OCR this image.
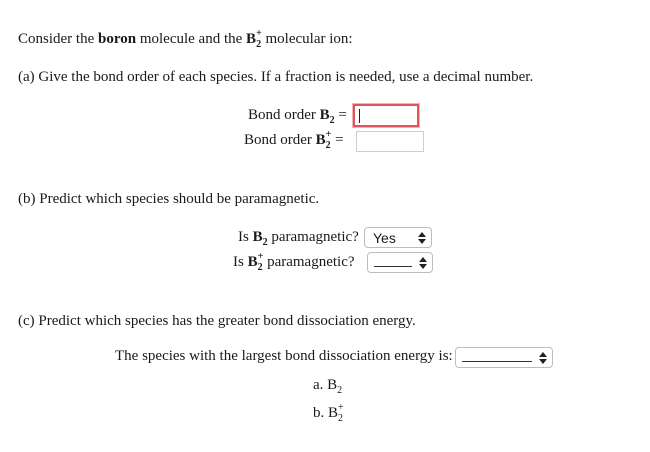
Consider the boron molecule and the $B_2^+$ molecular ion:
(a) Give the bond order of each species. If a fraction is needed, use a decimal number.
Bond order $B_2$ =
Bond order $B_2^+$ =
(b) Predict which species should be paramagnetic.
Is $B_2$ paramagnetic? Yes
Is $B_2^+$ paramagnetic?
(c) Predict which species has the greater bond dissociation energy.
The species with the largest bond dissociation energy is:
a. $B_2$
b. $B_2^+$
